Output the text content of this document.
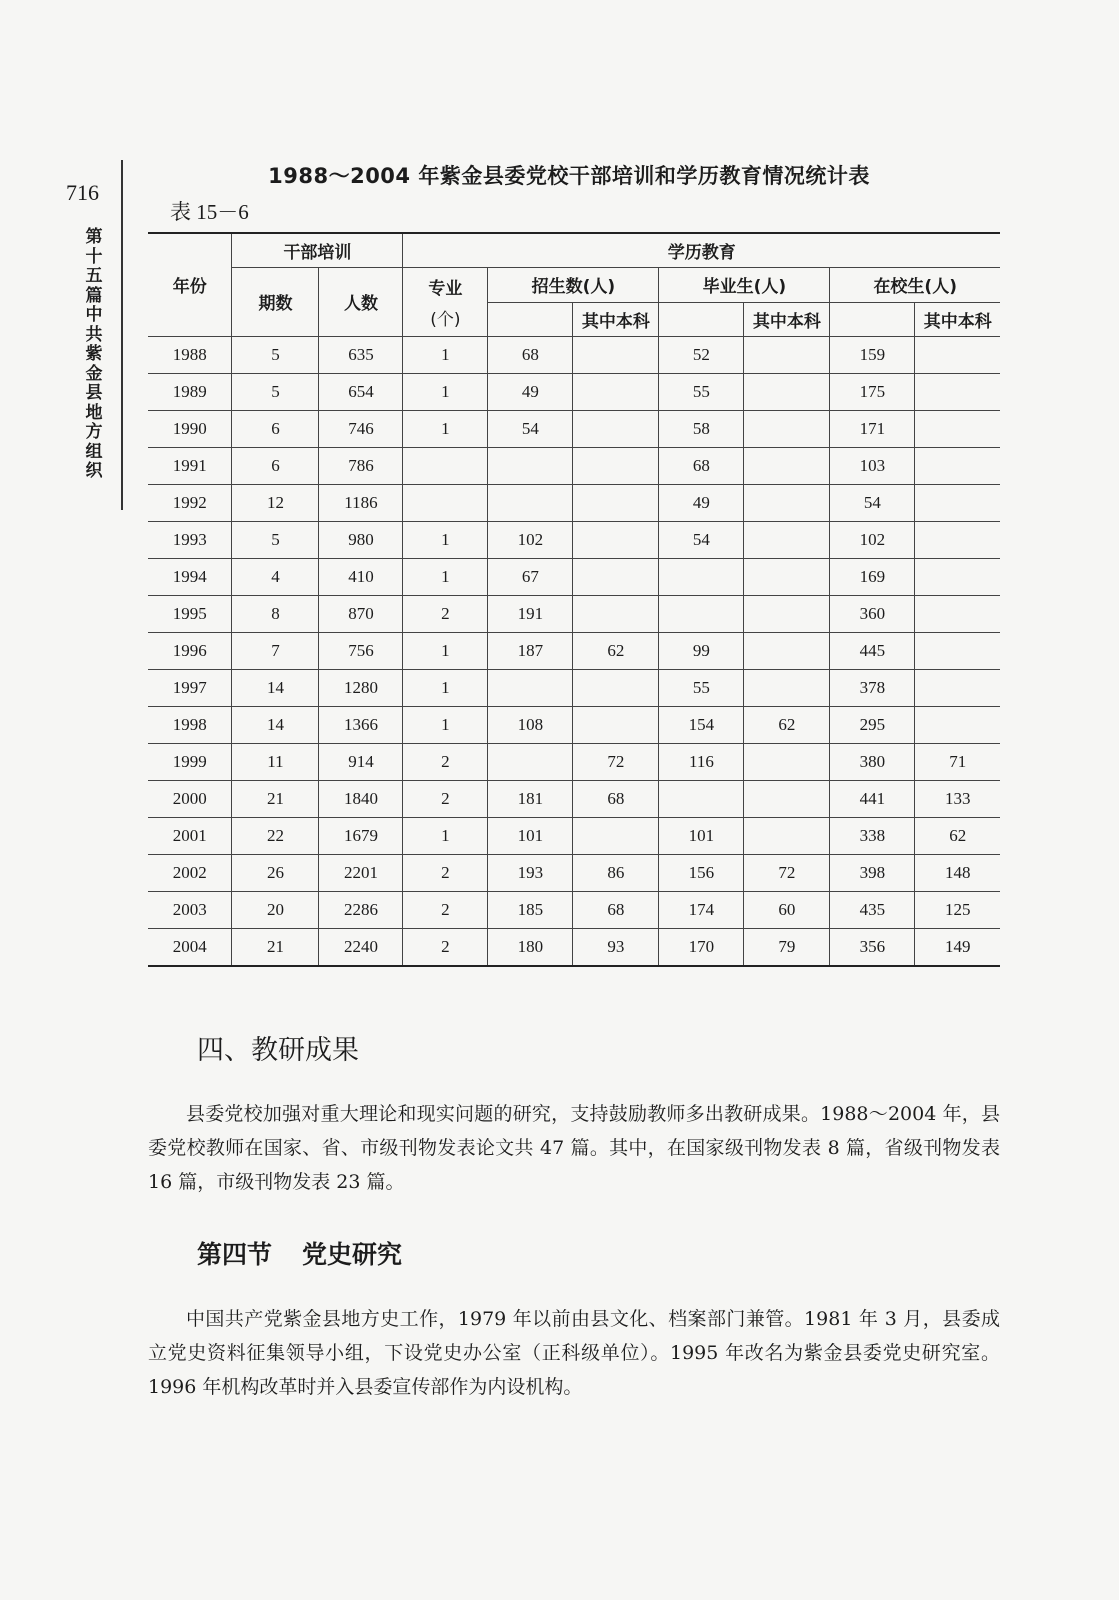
716
第十五篇 中共紫金县地方组织
1988～2004 年紫金县委党校干部培训和学历教育情况统计表
表 15－6
年份	干部培训		学历教育						
	期数	人数	专业
(个)	招生数(人)		毕业生(人)		在校生(人)	
					其中本科		其中本科		其中本科
1988	5	635	1	68		52		159	
1989	5	654	1	49		55		175	
1990	6	746	1	54		58		171	
1991	6	786				68		103	
1992	12	1186				49		54	
1993	5	980	1	102		54		102	
1994	4	410	1	67				169	
1995	8	870	2	191				360	
1996	7	756	1	187	62	99		445	
1997	14	1280	1			55		378	
1998	14	1366	1	108		154	62	295	
1999	11	914	2		72	116		380	71
2000	21	1840	2	181	68			441	133
2001	22	1679	1	101		101		338	62
2002	26	2201	2	193	86	156	72	398	148
2003	20	2286	2	185	68	174	60	435	125
2004	21	2240	2	180	93	170	79	356	149
四、教研成果
县委党校加强对重大理论和现实问题的研究，支持鼓励教师多出教研成果。1988～2004 年，县委党校教师在国家、省、市级刊物发表论文共 47 篇。其中，在国家级刊物发表 8 篇，省级刊物发表 16 篇，市级刊物发表 23 篇。
第四节 党史研究
中国共产党紫金县地方史工作，1979 年以前由县文化、档案部门兼管。1981 年 3 月，县委成立党史资料征集领导小组，下设党史办公室（正科级单位）。1995 年改名为紫金县委党史研究室。1996 年机构改革时并入县委宣传部作为内设机构。
